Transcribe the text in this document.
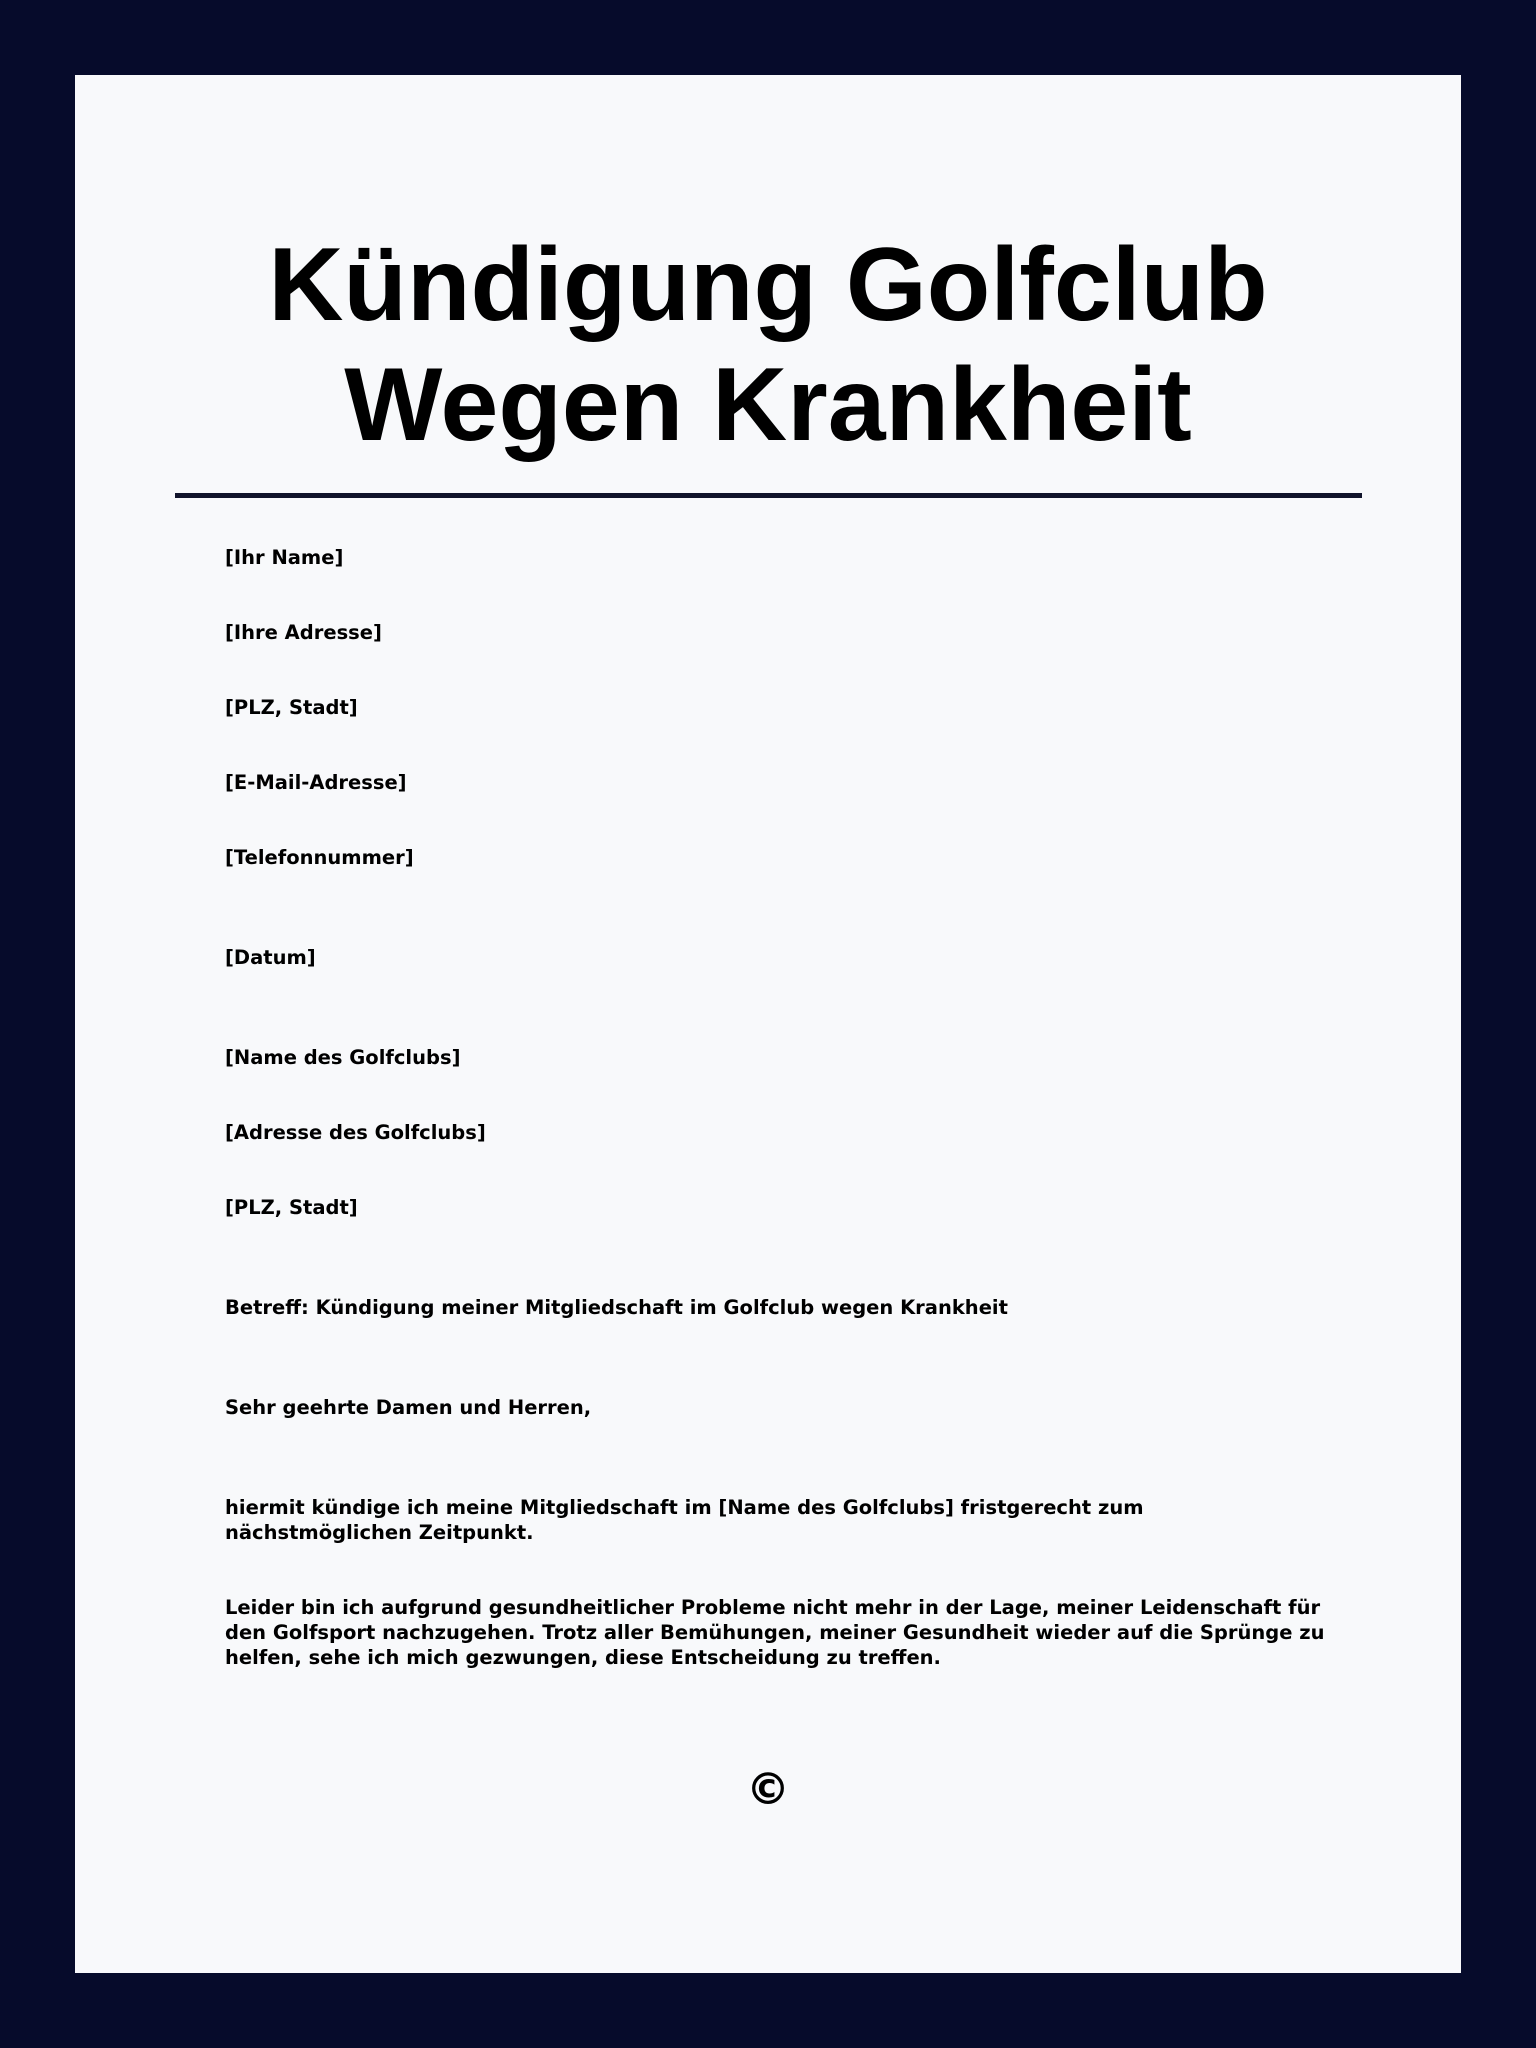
Kündigung Golfclub
Wegen Krankheit
[Ihr Name]
[Ihre Adresse]
[PLZ, Stadt]
[E-Mail-Adresse]
[Telefonnummer]
[Datum]
[Name des Golfclubs]
[Adresse des Golfclubs]
[PLZ, Stadt]
Betreff: Kündigung meiner Mitgliedschaft im Golfclub wegen Krankheit
Sehr geehrte Damen und Herren,
hiermit kündige ich meine Mitgliedschaft im [Name des Golfclubs] fristgerecht zum nächstmöglichen Zeitpunkt.
Leider bin ich aufgrund gesundheitlicher Probleme nicht mehr in der Lage, meiner Leidenschaft für den Golfsport nachzugehen. Trotz aller Bemühungen, meiner Gesundheit wieder auf die Sprünge zu helfen, sehe ich mich gezwungen, diese Entscheidung zu treffen.
©
